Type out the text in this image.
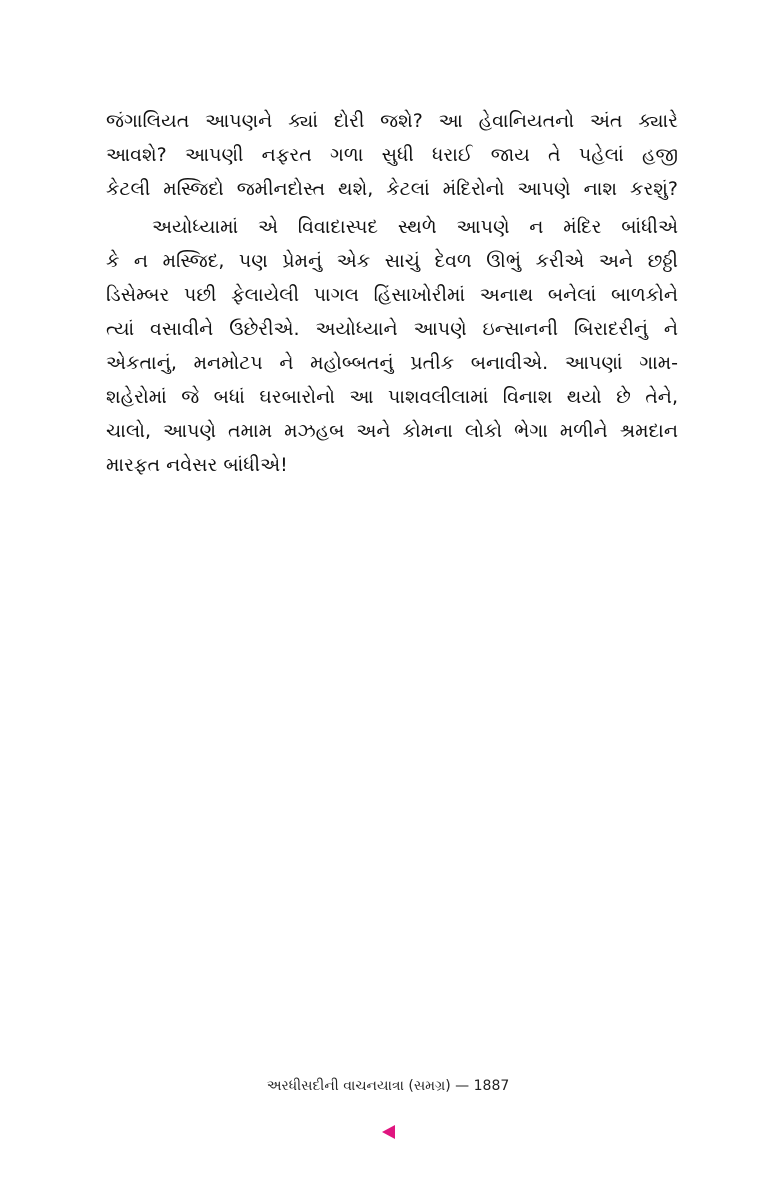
જંગાલિયત આપણને ક્યાં દોરી જશે? આ હેવાનિયતનો અંત ક્યારે
આવશે? આપણી નફરત ગળા સુધી ધરાઈ જાય તે પહેલાં હજી
કેટલી મસ્જિદો જમીનદોસ્ત થશે, કેટલાં મંદિરોનો આપણે નાશ કરશું?
અયોધ્યામાં એ વિવાદાસ્પદ સ્થળે આપણે ન મંદિર બાંધીએ
કે ન મસ્જિદ, પણ પ્રેમનું એક સાચું દેવળ ઊભું કરીએ અને છઠ્ઠી
ડિસેમ્બર પછી ફેલાયેલી પાગલ હિંસાખોરીમાં અનાથ બનેલાં બાળકોને
ત્યાં વસાવીને ઉછેરીએ. અયોધ્યાને આપણે ઇન્સાનની બિરાદરીનું ને
એકતાનું, મનમોટપ ને મહોબ્બતનું પ્રતીક બનાવીએ. આપણાં ગામ-
શહેરોમાં જે બધાં ઘરબારોનો આ પાશવલીલામાં વિનાશ થયો છે તેને,
ચાલો, આપણે તમામ મઝહબ અને કોમના લોકો ભેગા મળીને શ્રમદાન
મારફત નવેસર બાંધીએ!
અરધીસદીની વાચનયાત્રા (સમગ્ર) — 1887
